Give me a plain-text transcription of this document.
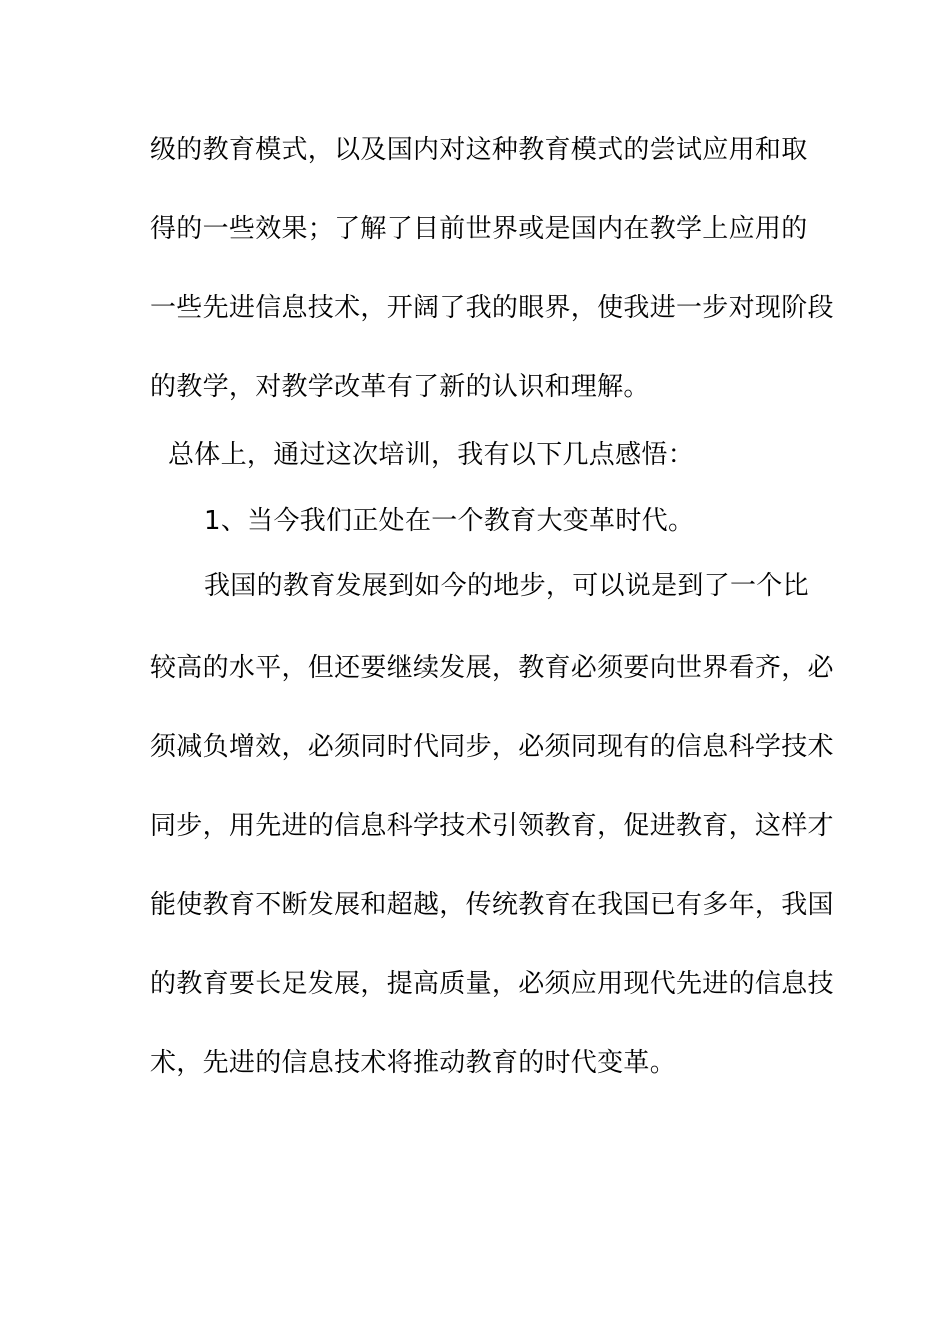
级的教育模式，以及国内对这种教育模式的尝试应用和取
得的一些效果；了解了目前世界或是国内在教学上应用的
一些先进信息技术，开阔了我的眼界，使我进一步对现阶段
的教学，对教学改革有了新的认识和理解。
总体上，通过这次培训，我有以下几点感悟：
1、当今我们正处在一个教育大变革时代。
我国的教育发展到如今的地步，可以说是到了一个比
较高的水平，但还要继续发展，教育必须要向世界看齐，必
须减负增效，必须同时代同步，必须同现有的信息科学技术
同步，用先进的信息科学技术引领教育，促进教育，这样才
能使教育不断发展和超越，传统教育在我国已有多年，我国
的教育要长足发展，提高质量，必须应用现代先进的信息技
术，先进的信息技术将推动教育的时代变革。
